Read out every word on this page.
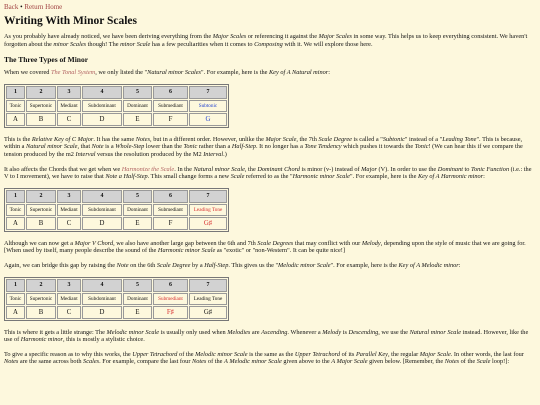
Back • Return Home
Writing With Minor Scales

As you probably have already noticed, we have been deriving everything from the Major Scales or referencing it against the Major Scales in some way. This helps us to keep everything consistent. We haven't forgotten about the minor Scales though! The minor Scale has a few peculiarities when it comes to Composing with it. We will explore those here.

The Three Types of Minor

When we covered The Tonal System, we only listed the "Natural minor Scales". For example, here is the Key of A Natural minor:

1	2	3	4	5	6	7
Tonic	Supertonic	Mediant	Subdominant	Dominant	Submediant	Subtonic
A	B	C	D	E	F	G

This is the Relative Key of C Major. It has the same Notes, but in a different order. However, unlike the Major Scale, the 7th Scale Degree is called a "Subtonic" instead of a "Leading Tone". This is because, within a Natural minor Scale, that Note is a Whole-Step lower than the Tonic rather than a Half-Step. It no longer has a Tone Tendency which pushes it towards the Tonic! (We can hear this if we compare the tension produced by the m2 Interval versus the resolution produced by the M2 Interval.)

It also affects the Chords that we get when we Harmonize the Scale. In the Natural minor Scale, the Dominant Chord is minor (v-) instead of Major (V). In order to use the Dominant to Tonic Function (i.e.: the V to I movement), we have to raise that Note a Half-Step. This small change forms a new Scale referred to as the "Harmonic minor Scale". For example, here is the Key of A Harmonic minor:

1	2	3	4	5	6	7
Tonic	Supertonic	Mediant	Subdominant	Dominant	Submediant	Leading Tone
A	B	C	D	E	F	G♯

Although we can now get a Major V Chord, we also have another large gap between the 6th and 7th Scale Degrees that may conflict with our Melody, depending upon the style of music that we are going for. [When used by itself, many people describe the sound of the Harmonic minor Scale as "exotic" or "non-Western". It can be quite nice!]

Again, we can bridge this gap by raising the Note on the 6th Scale Degree by a Half-Step. This gives us the "Melodic minor Scale". For example, here is the Key of A Melodic minor:

1	2	3	4	5	6	7
Tonic	Supertonic	Mediant	Subdominant	Dominant	Submediant	Leading Tone
A	B	C	D	E	F♯	G♯

This is where it gets a little strange: The Melodic minor Scale is usually only used when Melodies are Ascending. Whenever a Melody is Descending, we use the Natural minor Scale instead. However, like the use of Harmonic minor, this is mostly a stylistic choice.

To give a specific reason as to why this works, the Upper Tetrachord of the Melodic minor Scale is the same as the Upper Tetrachord of its Parallel Key, the regular Major Scale. In other words, the last four Notes are the same across both Scales. For example, compare the last four Notes of the A Melodic minor Scale given above to the A Major Scale given below. [Remember, the Notes of the Scale loop!]:
